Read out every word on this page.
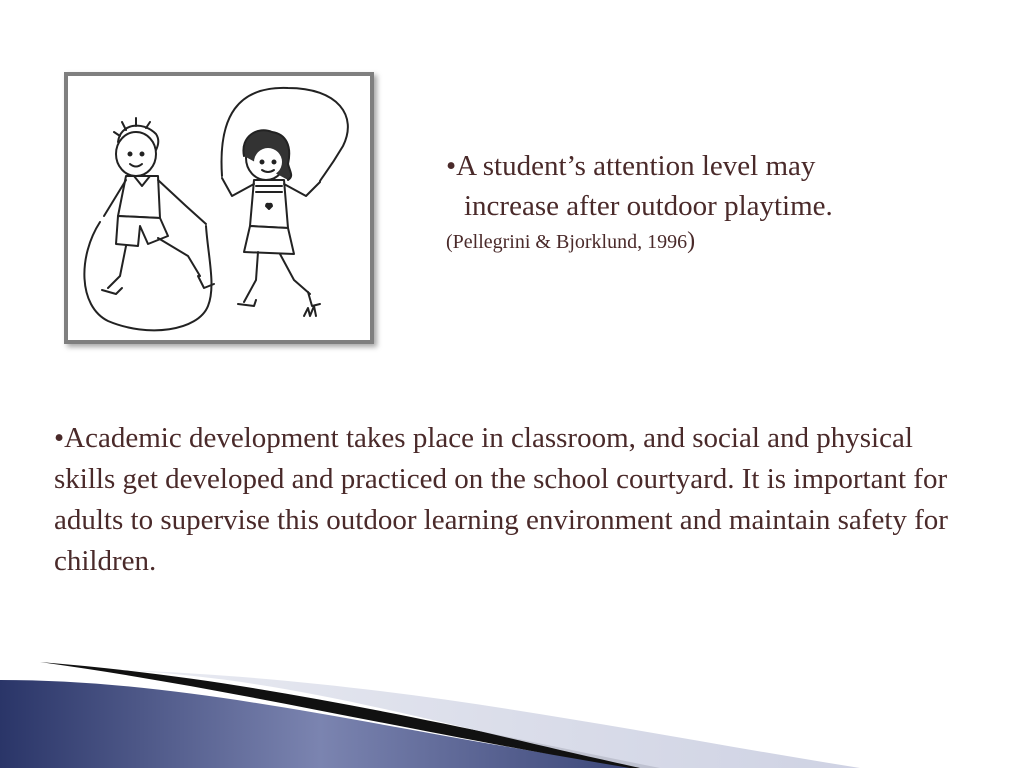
•A student’s attention level may
increase after outdoor playtime.
(Pellegrini & Bjorklund, 1996)
•Academic development takes place in classroom, and social and physical skills get developed and practiced on the school courtyard. It is important for adults to supervise this outdoor learning environment and maintain safety for children.
